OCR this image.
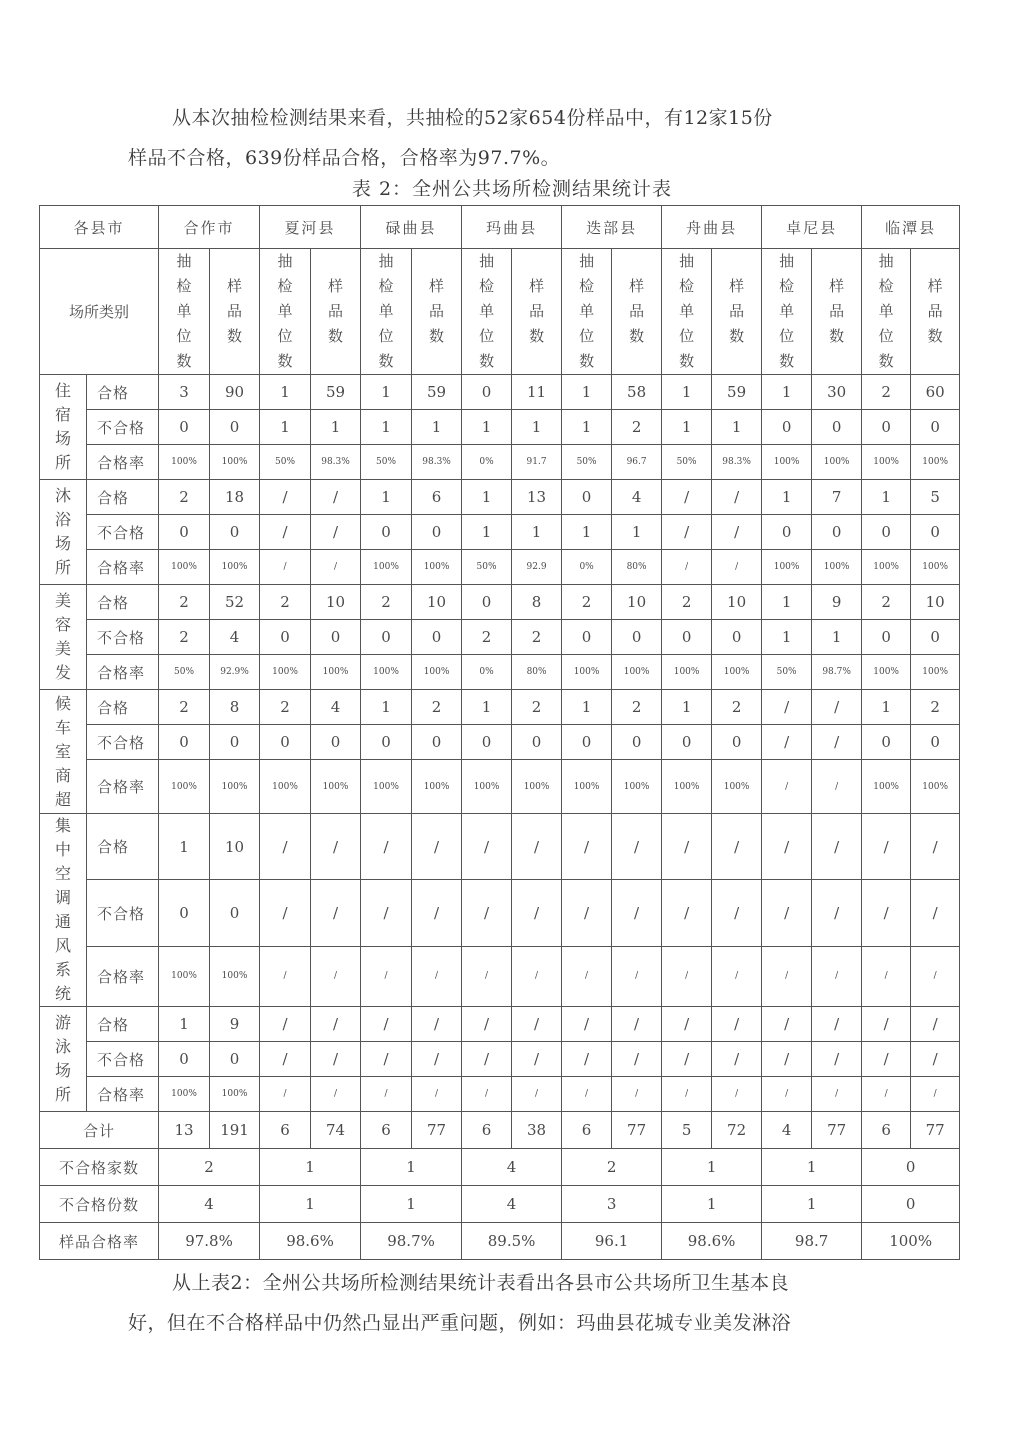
从本次抽检检测结果来看，共抽检的52家654份样品中，有12家15份
样品不合格，639份样品合格，合格率为97.7%。
表 2：全州公共场所检测结果统计表
各县市		合作市		夏河县		碌曲县		玛曲县		迭部县		舟曲县		卓尼县		临潭县	
场所类别		抽检单位数	样品数	抽检单位数	样品数	抽检单位数	样品数	抽检单位数	样品数	抽检单位数	样品数	抽检单位数	样品数	抽检单位数	样品数	抽检单位数	样品数
住宿场所	合格	3	90	1	59	1	59	0	11	1	58	1	59	1	30	2	60
	不合格	0	0	1	1	1	1	1	1	1	2	1	1	0	0	0	0
	合格率	100%	100%	50%	98.3%	50%	98.3%	0%	91.7	50%	96.7	50%	98.3%	100%	100%	100%	100%
沐浴场所	合格	2	18	/	/	1	6	1	13	0	4	/	/	1	7	1	5
	不合格	0	0	/	/	0	0	1	1	1	1	/	/	0	0	0	0
	合格率	100%	100%	/	/	100%	100%	50%	92.9	0%	80%	/	/	100%	100%	100%	100%
美容美发	合格	2	52	2	10	2	10	0	8	2	10	2	10	1	9	2	10
	不合格	2	4	0	0	0	0	2	2	0	0	0	0	1	1	0	0
	合格率	50%	92.9%	100%	100%	100%	100%	0%	80%	100%	100%	100%	100%	50%	98.7%	100%	100%
候车室商超	合格	2	8	2	4	1	2	1	2	1	2	1	2	/	/	1	2
	不合格	0	0	0	0	0	0	0	0	0	0	0	0	/	/	0	0
	合格率	100%	100%	100%	100%	100%	100%	100%	100%	100%	100%	100%	100%	/	/	100%	100%
集中空调通风系统	合格	1	10	/	/	/	/	/	/	/	/	/	/	/	/	/	/
	不合格	0	0	/	/	/	/	/	/	/	/	/	/	/	/	/	/
	合格率	100%	100%	/	/	/	/	/	/	/	/	/	/	/	/	/	/
游泳场所	合格	1	9	/	/	/	/	/	/	/	/	/	/	/	/	/	/
	不合格	0	0	/	/	/	/	/	/	/	/	/	/	/	/	/	/
	合格率	100%	100%	/	/	/	/	/	/	/	/	/	/	/	/	/	/
合计		13	191	6	74	6	77	6	38	6	77	5	72	4	77	6	77
不合格家数		2		1		1		4		2		1		1		0	
不合格份数		4		1		1		4		3		1		1		0	
样品合格率		97.8%		98.6%		98.7%		89.5%		96.1		98.6%		98.7		100%	
从上表2：全州公共场所检测结果统计表看出各县市公共场所卫生基本良
好，但在不合格样品中仍然凸显出严重问题，例如：玛曲县花城专业美发淋浴
